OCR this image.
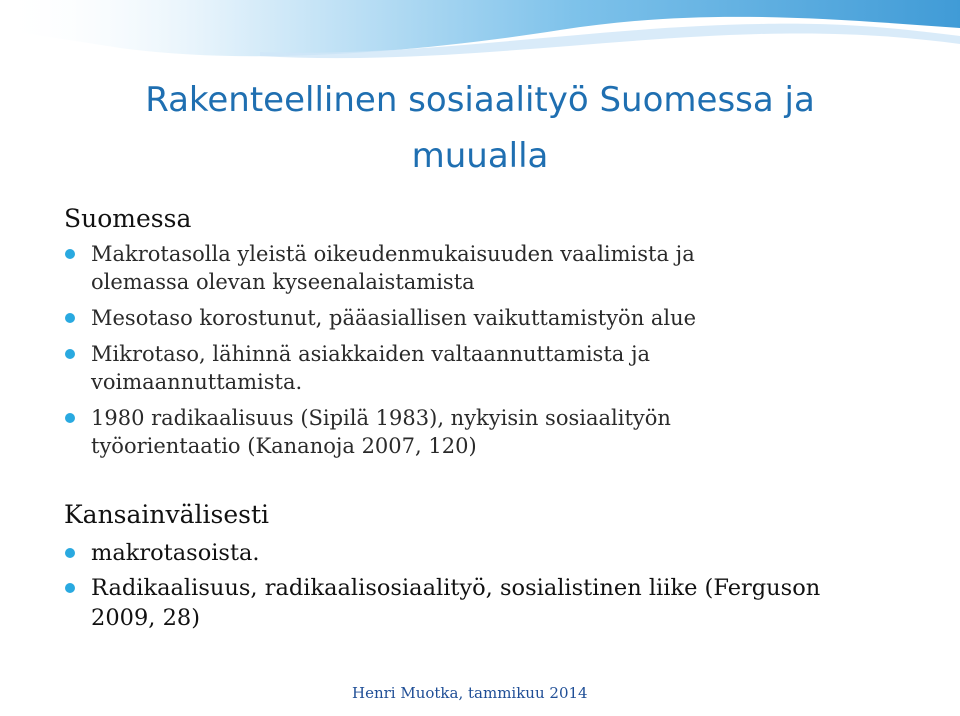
Rakenteellinen sosiaalityö Suomessa ja
muualla

Suomessa

Makrotasolla yleistä oikeudenmukaisuuden vaalimista ja
olemassa olevan kyseenalaistamista
Mesotaso korostunut, pääasiallisen vaikuttamistyön alue
Mikrotaso, lähinnä asiakkaiden valtaannuttamista ja
voimaannuttamista.
1980 radikaalisuus (Sipilä 1983), nykyisin sosiaalityön
työorientaatio (Kananoja 2007, 120)

Kansainvälisesti

makrotasoista.
Radikaalisuus, radikaalisosiaalityö, sosialistinen liike (Ferguson
2009, 28)
Henri Muotka, tammikuu 2014
